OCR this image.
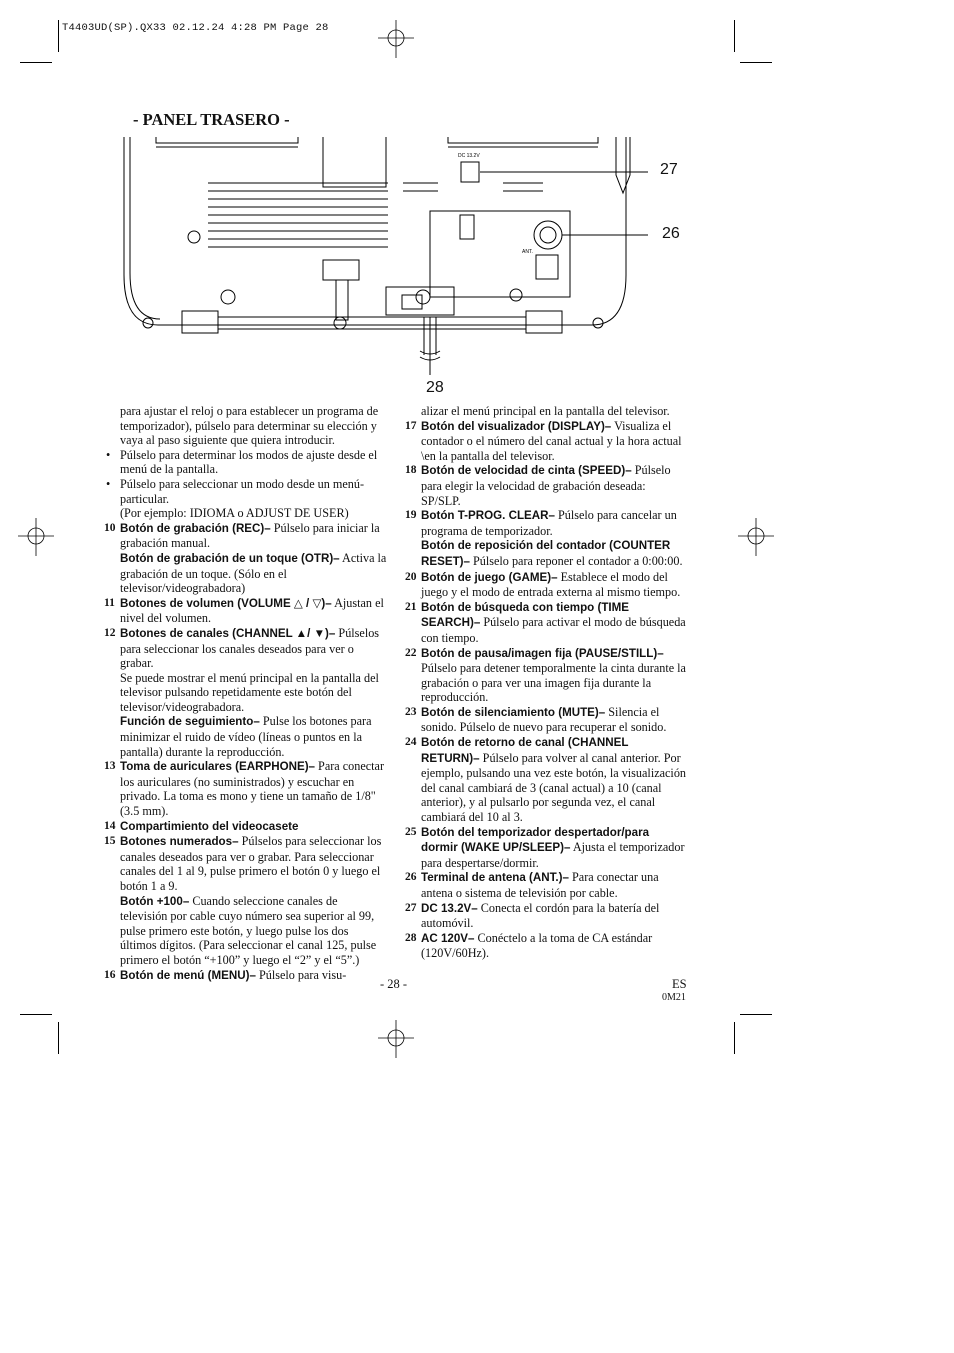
T4403UD(SP).QX33 02.12.24 4:28 PM Page 28
- PANEL TRASERO -
DC 13.2V
ANT.
27
26
28

para ajustar el reloj o para establecer un programa de temporizador), púlselo para determinar su elección y vaya al paso siguiente que quiera introducir.

• Púlselo para determinar los modos de ajuste desde el menú de la pantalla.

• Púlselo para seleccionar un modo desde un menú-particular.

(Por ejemplo: IDIOMA o ADJUST DE USER)

10 Botón de grabación (REC)– Púlselo para iniciar la grabación manual.

Botón de grabación de un toque (OTR)– Activa la grabación de un toque. (Sólo en el televisor/videograbadora)

11 Botones de volumen (VOLUME △ / ▽)– Ajustan el nivel del volumen.

12 Botones de canales (CHANNEL ▲/ ▼)– Púlselos para seleccionar los canales deseados para ver o grabar.

Se puede mostrar el menú principal en la pantalla del televisor pulsando repetidamente este botón del televisor/videograbadora.

Función de seguimiento– Pulse los botones para minimizar el ruido de vídeo (líneas o puntos en la pantalla) durante la reproducción.

13 Toma de auriculares (EARPHONE)– Para conectar los auriculares (no suministrados) y escuchar en privado. La toma es mono y tiene un tamaño de 1/8"(3.5 mm).

14 Compartimiento del videocasete

15 Botones numerados– Púlselos para seleccionar los canales deseados para ver o grabar. Para seleccionar canales del 1 al 9, pulse primero el botón 0 y luego el botón 1 a 9.

Botón +100– Cuando seleccione canales de televisión por cable cuyo número sea superior al 99, pulse primero este botón, y luego pulse los dos últimos dígitos. (Para seleccionar el canal 125, pulse primero el botón “+100” y luego el “2” y el “5”.)

16 Botón de menú (MENU)– Púlselo para visu-

alizar el menú principal en la pantalla del televisor.

17 Botón del visualizador (DISPLAY)– Visualiza el contador o el número del canal actual y la hora actual \en la pantalla del televisor.

18 Botón de velocidad de cinta (SPEED)– Púlselo para elegir la velocidad de grabación deseada: SP/SLP.

19 Botón T-PROG. CLEAR– Púlselo para cancelar un programa de temporizador.

Botón de reposición del contador (COUNTER RESET)– Púlselo para reponer el contador a 0:00:00.

20 Botón de juego (GAME)– Establece el modo del juego y el modo de entrada externa al mismo tiempo.

21 Botón de búsqueda con tiempo (TIME SEARCH)– Púlselo para activar el modo de búsqueda con tiempo.

22 Botón de pausa/imagen fija (PAUSE/STILL)– Púlselo para detener temporalmente la cinta durante la grabación o para ver una imagen fija durante la reproducción.

23 Botón de silenciamiento (MUTE)– Silencia el sonido. Púlselo de nuevo para recuperar el sonido.

24 Botón de retorno de canal (CHANNEL RETURN)– Púlselo para volver al canal anterior. Por ejemplo, pulsando una vez este botón, la visualización del canal cambiará de 3 (canal actual) a 10 (canal anterior), y al pulsarlo por segunda vez, el canal cambiará del 10 al 3.

25 Botón del temporizador despertador/para dormir (WAKE UP/SLEEP)– Ajusta el temporizador para despertarse/dormir.

26 Terminal de antena (ANT.)– Para conectar una antena o sistema de televisión por cable.

27 DC 13.2V– Conecta el cordón para la batería del automóvil.

28 AC 120V– Conéctelo a la toma de CA estándar (120V/60Hz).

- 28 -	ES
0M21
